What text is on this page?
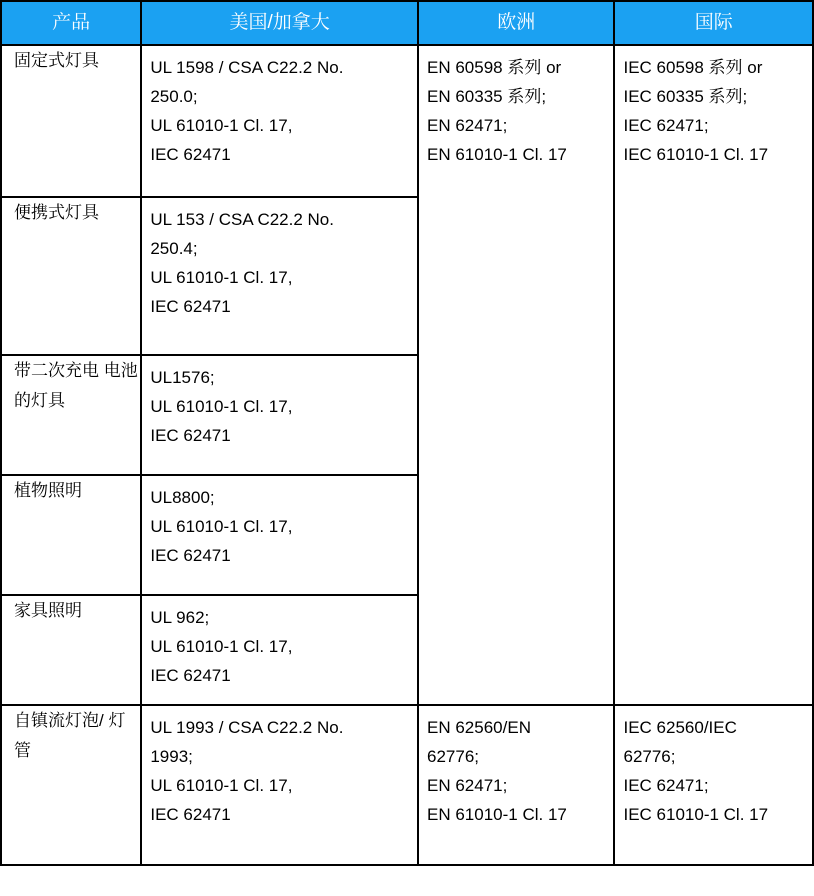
产品	美国/加拿大	欧洲	国际

固定式灯具	UL 1598 / CSA C22.2 No.
250.0;
UL 61010-1 Cl. 17,
IEC 62471	EN 60598 系列 or
EN 60335 系列;
EN 62471;
EN 61010-1 Cl. 17	IEC 60598 系列 or
IEC 60335 系列;
IEC 62471;
IEC 61010-1 Cl. 17

便携式灯具	UL 153 / CSA C22.2 No.
250.4;
UL 61010-1 Cl. 17,
IEC 62471		

带二次充电 电池的灯具	UL1576;
UL 61010-1 Cl. 17,
IEC 62471		

植物照明	UL8800;
UL 61010-1 Cl. 17,
IEC 62471		

家具照明	UL 962;
UL 61010-1 Cl. 17,
IEC 62471		

自镇流灯泡/ 灯管	UL 1993 / CSA C22.2 No.
1993;
UL 61010-1 Cl. 17,
IEC 62471	EN 62560/EN
62776;
EN 62471;
EN 61010-1 Cl. 17	IEC 62560/IEC
62776;
IEC 62471;
IEC 61010-1 Cl. 17
